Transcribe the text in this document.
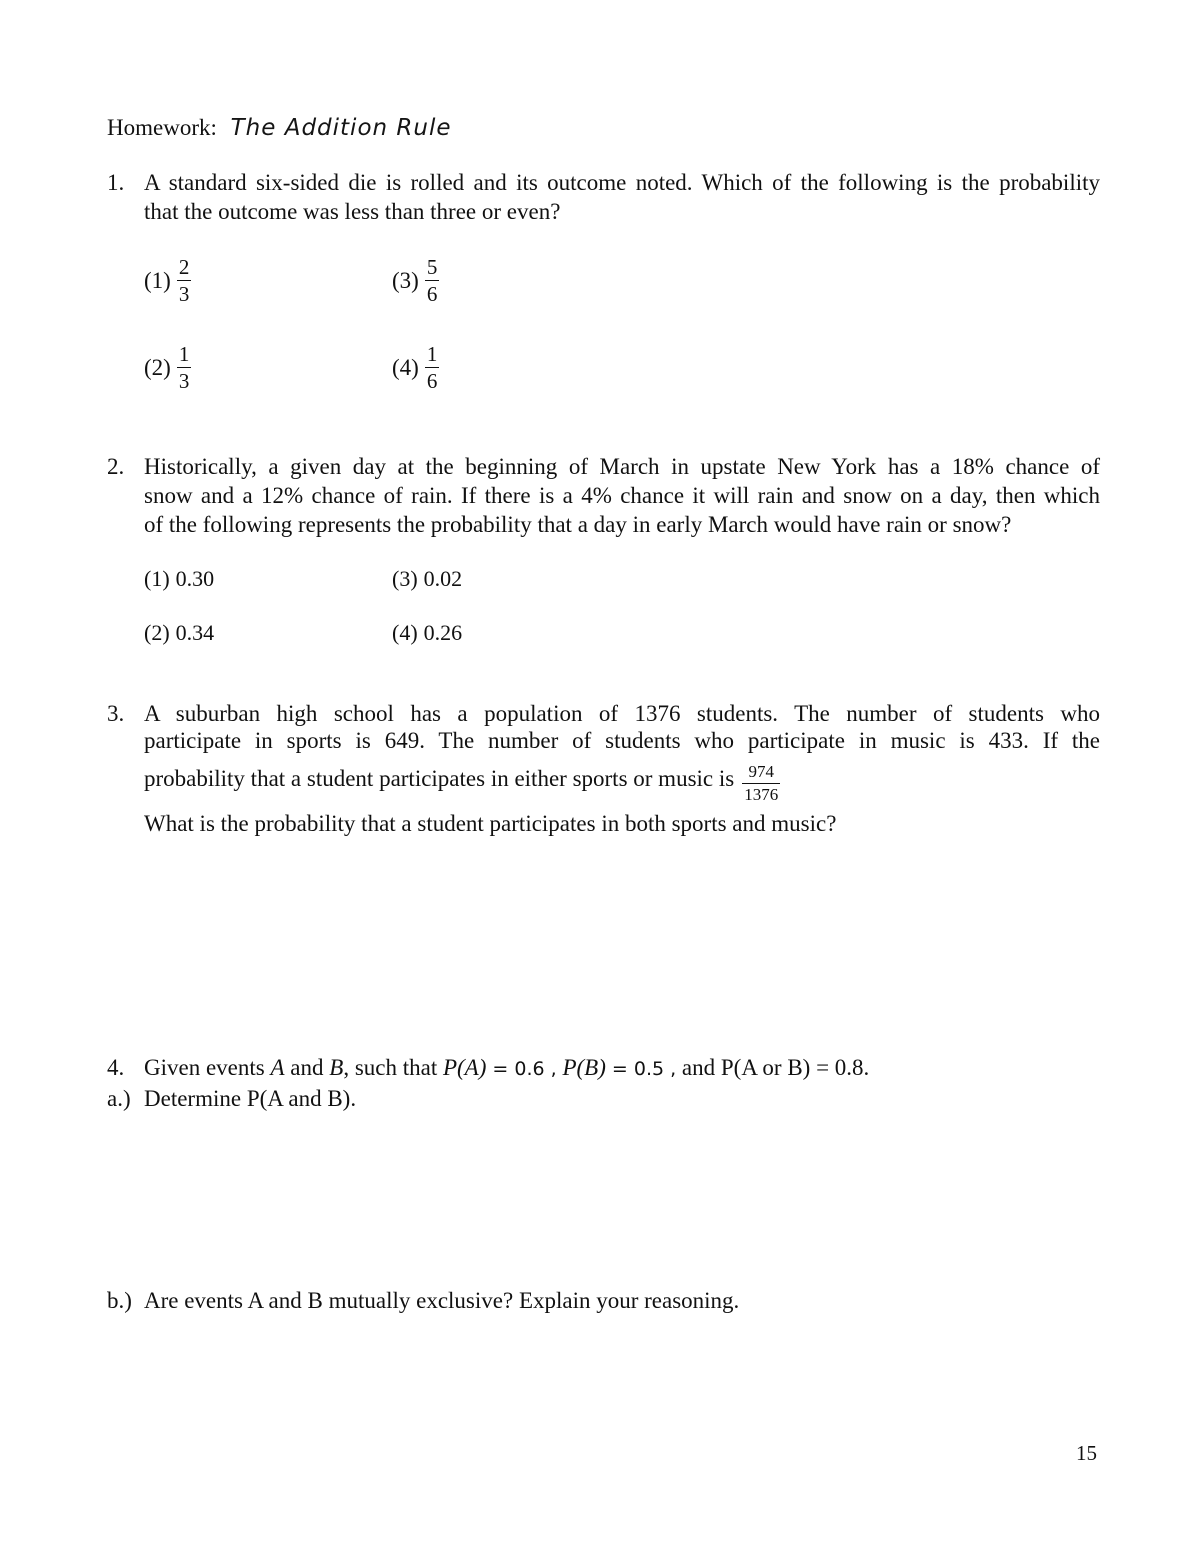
Homework: The Addition Rule
1. A standard six-sided die is rolled and its outcome noted. Which of the following is the probability
that the outcome was less than three or even?
$(1) \frac{2}{3}$	$(3) \frac{5}{6}$
$(2) \frac{1}{3}$	$(4) \frac{1}{6}$
2. Historically, a given day at the beginning of March in upstate New York has a 18% chance of
snow and a 12% chance of rain. If there is a 4% chance it will rain and snow on a day, then which
of the following represents the probability that a day in early March would have rain or snow?
(1) 0.30	(3) 0.02
(2) 0.34	(4) 0.26
3. A suburban high school has a population of 1376 students. The number of students who
participate in sports is 649. The number of students who participate in music is 433. If the
probability that a student participates in either sports or music is $\frac{974}{1376}$
What is the probability that a student participates in both sports and music?
4. Given events A and B, such that P(A) = 0.6 , P(B) = 0.5 , and P(A or B) = 0.8.
a.) Determine P(A and B).
b.) Are events A and B mutually exclusive? Explain your reasoning.
15
